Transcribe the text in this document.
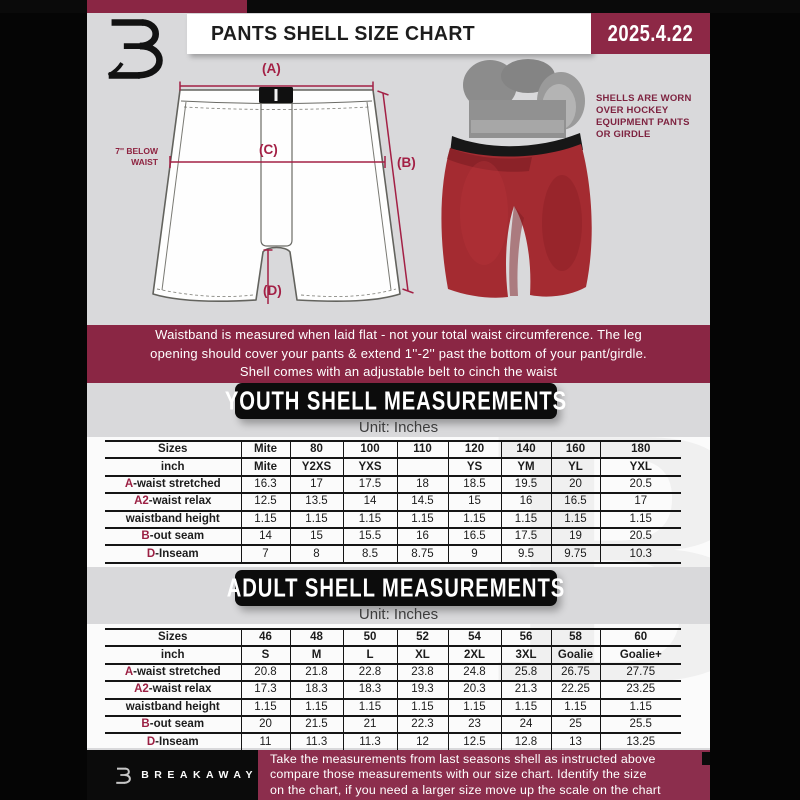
PANTS SHELL SIZE CHART	2025.4.22
(A)
(B)
(C)
(D)
7'' BELOW
WAIST
SHELLS ARE WORN
OVER HOCKEY
EQUIPMENT PANTS
OR GIRDLE
Waistband is measured when laid flat - not your total waist circumference. The leg
opening should cover your pants & extend 1''-2'' past the bottom of your pant/girdle.
Shell comes with an adjustable belt to cinch the waist
YOUTH SHELL MEASUREMENTS
Unit: Inches
Sizes	Mite	80	100	110	120	140	160	180
inch	Mite	Y2XS	YXS		YS	YM	YL	YXL
A-waist stretched	16.3	17	17.5	18	18.5	19.5	20	20.5
A2-waist relax	12.5	13.5	14	14.5	15	16	16.5	17
waistband height	1.15	1.15	1.15	1.15	1.15	1.15	1.15	1.15
B-out seam	14	15	15.5	16	16.5	17.5	19	20.5
D-Inseam	7	8	8.5	8.75	9	9.5	9.75	10.3
ADULT SHELL MEASUREMENTS
Unit: Inches
Sizes	46	48	50	52	54	56	58	60
inch	S	M	L	XL	2XL	3XL	Goalie	Goalie+
A-waist stretched	20.8	21.8	22.8	23.8	24.8	25.8	26.75	27.75
A2-waist relax	17.3	18.3	18.3	19.3	20.3	21.3	22.25	23.25
waistband height	1.15	1.15	1.15	1.15	1.15	1.15	1.15	1.15
B-out seam	20	21.5	21	22.3	23	24	25	25.5
D-Inseam	11	11.3	11.3	12	12.5	12.8	13	13.25
BREAKAWAY
Take the measurements from last seasons shell as instructed above
compare those measurements with our size chart. Identify the size
on the chart, if you need a larger size move up the scale on the chart
